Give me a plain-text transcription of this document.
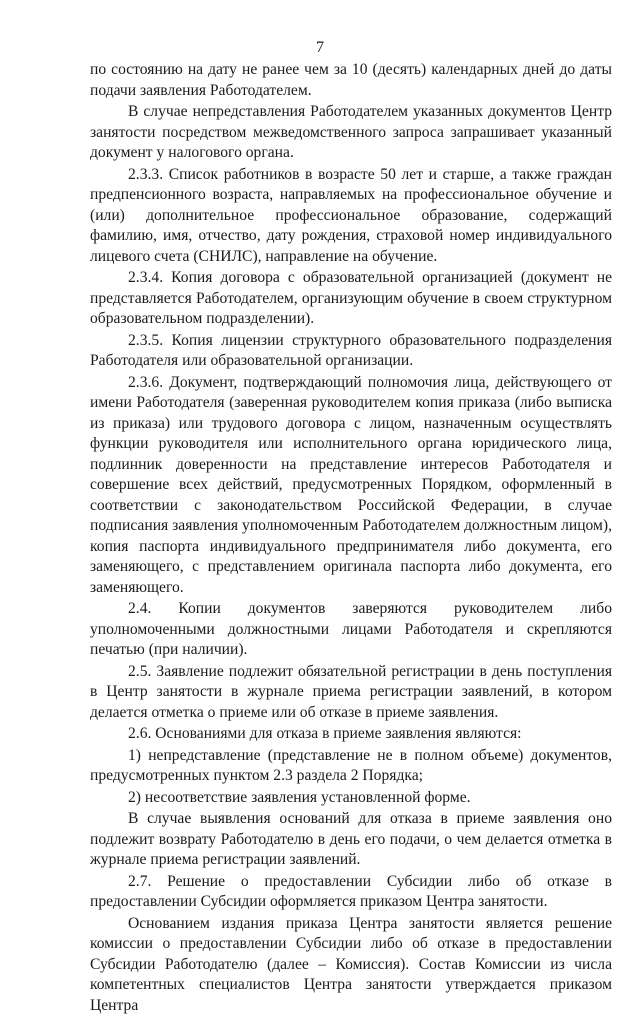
7

по состоянию на дату не ранее чем за 10 (десять) календарных дней до даты подачи заявления Работодателем.

В случае непредставления Работодателем указанных документов Центр занятости посредством межведомственного запроса запрашивает указанный документ у налогового органа.

2.3.3. Список работников в возрасте 50 лет и старше, а также граждан предпенсионного возраста, направляемых на профессиональное обучение и (или) дополнительное профессиональное образование, содержащий фамилию, имя, отчество, дату рождения, страховой номер индивидуального лицевого счета (СНИЛС), направление на обучение.

2.3.4. Копия договора с образовательной организацией (документ не представляется Работодателем, организующим обучение в своем структурном образовательном подразделении).

2.3.5. Копия лицензии структурного образовательного подразделения Работодателя или образовательной организации.

2.3.6. Документ, подтверждающий полномочия лица, действующего от имени Работодателя (заверенная руководителем копия приказа (либо выписка из приказа) или трудового договора с лицом, назначенным осуществлять функции руководителя или исполнительного органа юридического лица, подлинник доверенности на представление интересов Работодателя и совершение всех действий, предусмотренных Порядком, оформленный в соответствии с законодательством Российской Федерации, в случае подписания заявления уполномоченным Работодателем должностным лицом), копия паспорта индивидуального предпринимателя либо документа, его заменяющего, с представлением оригинала паспорта либо документа, его заменяющего.

2.4. Копии документов заверяются руководителем либо уполномоченными должностными лицами Работодателя и скрепляются печатью (при наличии).

2.5. Заявление подлежит обязательной регистрации в день поступления в Центр занятости в журнале приема регистрации заявлений, в котором делается отметка о приеме или об отказе в приеме заявления.

2.6. Основаниями для отказа в приеме заявления являются:

1) непредставление (представление не в полном объеме) документов, предусмотренных пунктом 2.3 раздела 2 Порядка;

2) несоответствие заявления установленной форме.

В случае выявления оснований для отказа в приеме заявления оно подлежит возврату Работодателю в день его подачи, о чем делается отметка в журнале приема регистрации заявлений.

2.7. Решение о предоставлении Субсидии либо об отказе в предоставлении Субсидии оформляется приказом Центра занятости.

Основанием издания приказа Центра занятости является решение комиссии о предоставлении Субсидии либо об отказе в предоставлении Субсидии Работодателю (далее – Комиссия). Состав Комиссии из числа компетентных специалистов Центра занятости утверждается приказом Центра
